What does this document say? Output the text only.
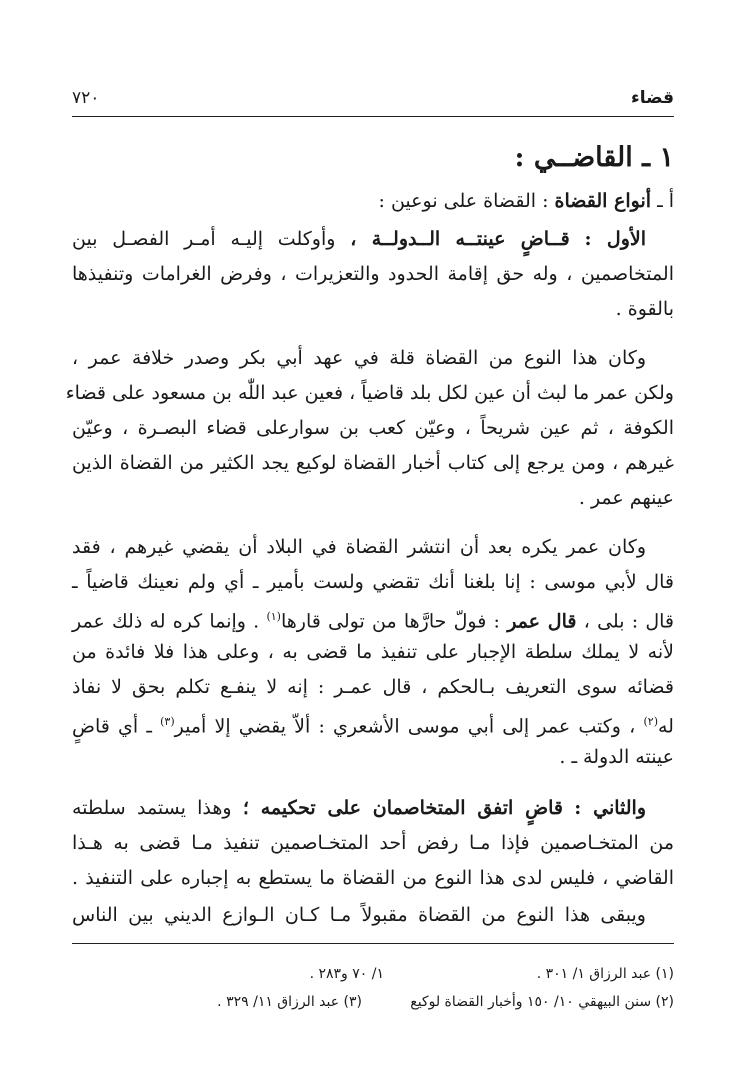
قضاء
٧٢٠
١ ـ القاضــي :
أ ـ أنواع القضاة : القضاة على نوعين :
الأول : قــاضٍ عينتــه الــدولــة ، وأوكلت إليـه أمـر الفصـل بين
المتخاصمين ، وله حق إقامة الحدود والتعزيرات ، وفرض الغرامات وتنفيذها
بالقوة .
وكان هذا النوع من القضاة قلة في عهد أبي بكر وصدر خلافة عمر ،
ولكن عمر ما لبث أن عين لكل بلد قاضياً ، فعين عبد اللّٰه بن مسعود على قضاء
الكوفة ، ثم عين شريحاً ، وعيّن كعب بن سوارعلى قضاء البصـرة ، وعيّن
غيرهم ، ومن يرجع إلى كتاب أخبار القضاة لوكيع يجد الكثير من القضاة الذين
عينهم عمر .
وكان عمر يكره بعد أن انتشر القضاة في البلاد أن يقضي غيرهم ، فقد
قال لأبي موسى : إنا بلغنا أنك تقضي ولست بأمير ـ أي ولم نعينك قاضياً ـ
قال : بلى ، قال عمر : فولّ حارَّها من تولى قارها$^{(١)}$ . وإنما كره له ذلك عمر
لأنه لا يملك سلطة الإجبار على تنفيذ ما قضى به ، وعلى هذا فلا فائدة من
قضائه سوى التعريف بـالحكم ، قال عمـر : إنه لا ينفـع تكلم بحق لا نفاذ
له$^{(٢)}$ ، وكتب عمر إلى أبي موسى الأشعري : ألاّ يقضي إلا أمير$^{(٣)}$ ـ أي قاضٍ
عينته الدولة ـ .
والثاني : قاضٍ اتفق المتخاصمان على تحكيمه ؛ وهذا يستمد سلطته
من المتخـاصمين فإذا مـا رفض أحد المتخـاصمين تنفيذ مـا قضى به هـذا
القاضي ، فليس لدى هذا النوع من القضاة ما يستطع به إجباره على التنفيذ .
ويبقى هذا النوع من القضاة مقبولاً مـا كـان الـوازع الديني بين الناس
(١) عبد الرزاق ١/ ٣٠١ .
١/ ٧٠ و٢٨٣ .
(٢) سنن البيهقي ١٠/ ١٥٠ وأخبار القضاة لوكيع
(٣) عبد الرزاق ١١/ ٣٢٩ .
